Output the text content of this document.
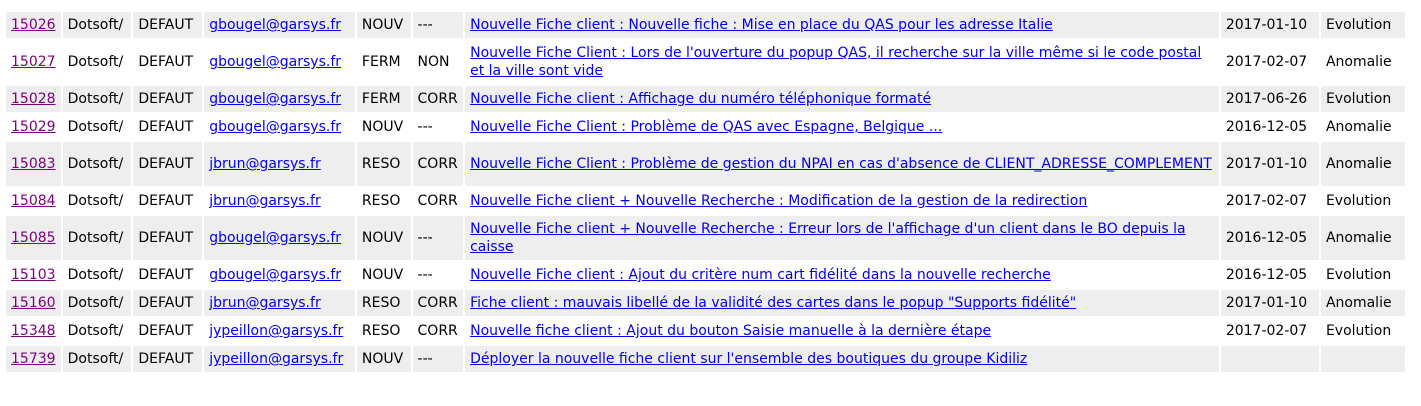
15026	Dotsoft/	DEFAUT	gbougel@garsys.fr	NOUV	---	Nouvelle Fiche client : Nouvelle fiche : Mise en place du QAS pour les adresse Italie	2017-01-10	Evolution
15027	Dotsoft/	DEFAUT	gbougel@garsys.fr	FERM	NON	Nouvelle Fiche Client : Lors de l'ouverture du popup QAS, il recherche sur la ville même si le code postal et la ville sont vide	2017-02-07	Anomalie
15028	Dotsoft/	DEFAUT	gbougel@garsys.fr	FERM	CORR	Nouvelle Fiche client : Affichage du numéro téléphonique formaté	2017-06-26	Evolution
15029	Dotsoft/	DEFAUT	gbougel@garsys.fr	NOUV	---	Nouvelle Fiche Client : Problème de QAS avec Espagne, Belgique ...	2016-12-05	Anomalie
15083	Dotsoft/	DEFAUT	jbrun@garsys.fr	RESO	CORR	Nouvelle Fiche Client : Problème de gestion du NPAI en cas d'absence de CLIENT_ADRESSE_COMPLEMENT	2017-01-10	Anomalie
15084	Dotsoft/	DEFAUT	jbrun@garsys.fr	RESO	CORR	Nouvelle Fiche client + Nouvelle Recherche : Modification de la gestion de la redirection	2017-02-07	Evolution
15085	Dotsoft/	DEFAUT	gbougel@garsys.fr	NOUV	---	Nouvelle Fiche client + Nouvelle Recherche : Erreur lors de l'affichage d'un client dans le BO depuis la caisse	2016-12-05	Anomalie
15103	Dotsoft/	DEFAUT	gbougel@garsys.fr	NOUV	---	Nouvelle Fiche client : Ajout du critère num cart fidélité dans la nouvelle recherche	2016-12-05	Evolution
15160	Dotsoft/	DEFAUT	jbrun@garsys.fr	RESO	CORR	Fiche client : mauvais libellé de la validité des cartes dans le popup "Supports fidélité"	2017-01-10	Anomalie
15348	Dotsoft/	DEFAUT	jypeillon@garsys.fr	RESO	CORR	Nouvelle fiche client : Ajout du bouton Saisie manuelle à la dernière étape	2017-02-07	Evolution
15739	Dotsoft/	DEFAUT	jypeillon@garsys.fr	NOUV	---	Déployer la nouvelle fiche client sur l'ensemble des boutiques du groupe Kidiliz		
